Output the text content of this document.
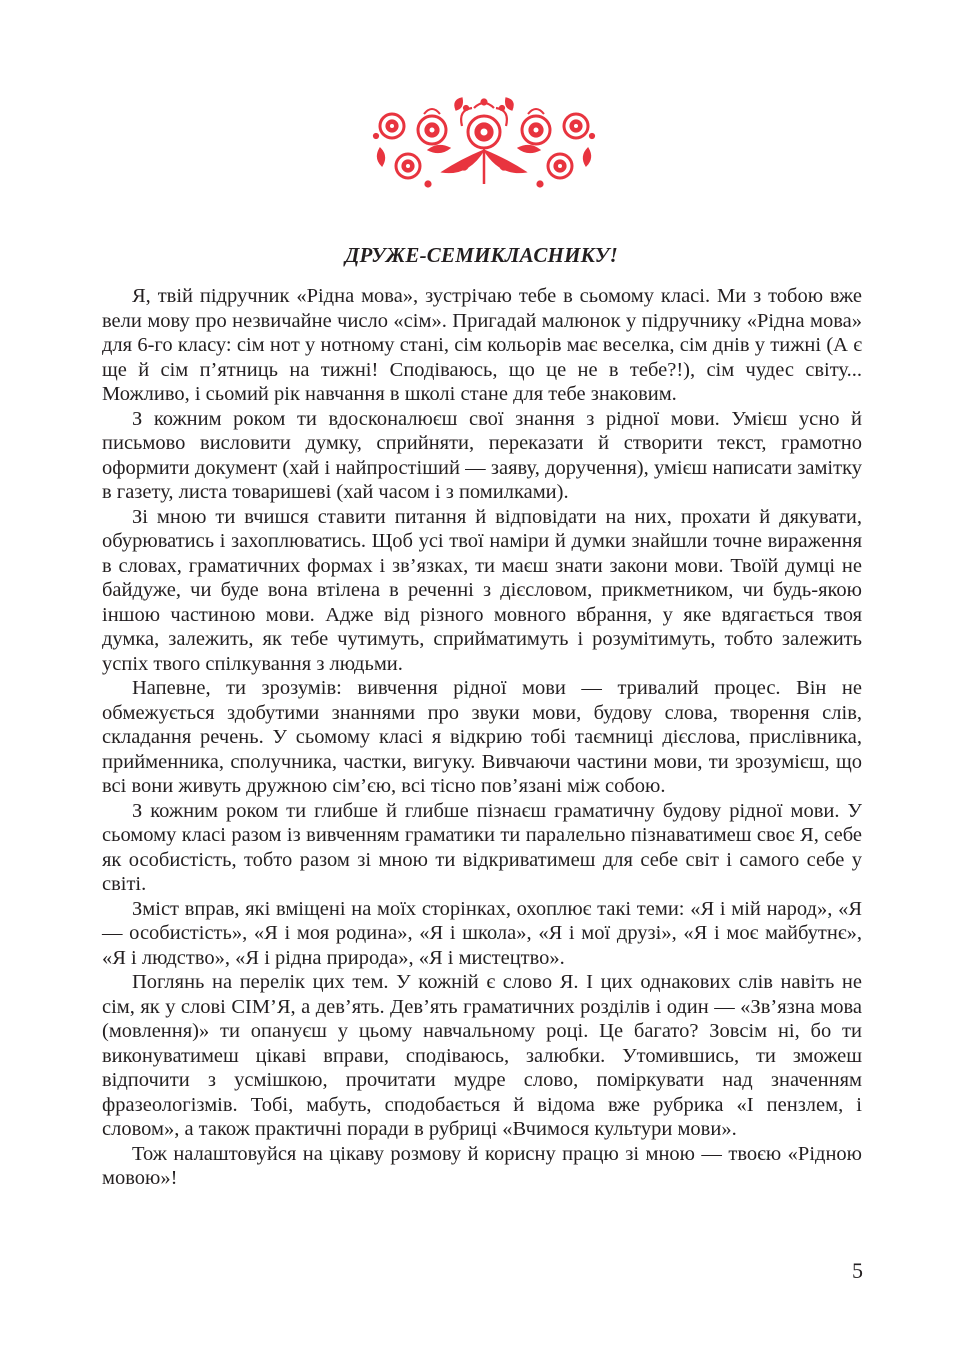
ДРУЖЕ-СЕМИКЛАСНИКУ!

Я, твій підручник «Рідна мова», зустрічаю тебе в сьомому класі. Ми з тобою вже вели мову про незвичайне число «сім». Пригадай малюнок у підручнику «Рідна мова» для 6-го класу: сім нот у нотному стані, сім кольорів має веселка, сім днів у тижні (А є ще й сім п’ятниць на тижні! Сподіваюсь, що це не в тебе?!), сім чудес світу... Можливо, і сьомий рік навчання в школі стане для тебе знаковим.

З кожним роком ти вдосконалюєш свої знання з рідної мови. Умієш усно й письмово висловити думку, сприйняти, переказати й створити текст, грамотно оформити документ (хай і найпростіший — заяву, доручення), умієш написати замітку в газету, листа товаришеві (хай часом і з помилками).

Зі мною ти вчишся ставити питання й відповідати на них, прохати й дякувати, обурюватись і захоплюватись. Щоб усі твої наміри й думки знайшли точне вираження в словах, граматичних формах і зв’язках, ти маєш знати закони мови. Твоїй думці не байдуже, чи буде вона втілена в реченні з дієсловом, прикметником, чи будь-якою іншою частиною мови. Адже від різного мовного вбрання, у яке вдягається твоя думка, залежить, як тебе чутимуть, сприйматимуть і розумітимуть, тобто залежить успіх твого спілкування з людьми.

Напевне, ти зрозумів: вивчення рідної мови — тривалий процес. Він не обмежується здобутими знаннями про звуки мови, будову слова, творення слів, складання речень. У сьомому класі я відкрию тобі таємниці дієслова, прислівника, прийменника, сполучника, частки, вигуку. Вивчаючи частини мови, ти зрозумієш, що всі вони живуть дружною сім’єю, всі тісно пов’язані між собою.

З кожним роком ти глибше й глибше пізнаєш граматичну будову рідної мови. У сьомому класі разом із вивченням граматики ти паралельно пізнаватимеш своє Я, себе як особистість, тобто разом зі мною ти відкриватимеш для себе світ і самого себе у світі.

Зміст вправ, які вміщені на моїх сторінках, охоплює такі теми: «Я і мій народ», «Я — особистість», «Я і моя родина», «Я і школа», «Я і мої друзі», «Я і моє майбутнє», «Я і людство», «Я і рідна природа», «Я і мистецтво».

Поглянь на перелік цих тем. У кожній є слово Я. І цих однакових слів навіть не сім, як у слові СІМ’Я, а дев’ять. Дев’ять граматичних розділів і один — «Зв’язна мова (мовлення)» ти опануєш у цьому навчальному році. Це багато? Зовсім ні, бо ти виконуватимеш цікаві вправи, сподіваюсь, залюбки. Утомившись, ти зможеш відпочити з усмішкою, прочитати мудре слово, поміркувати над значенням фразеологізмів. Тобі, мабуть, сподобається й відома вже рубрика «І пензлем, і словом», а також практичні поради в рубриці «Вчимося культури мови».

Тож налаштовуйся на цікаву розмову й корисну працю зі мною — твоєю «Рідною мовою»!

5
